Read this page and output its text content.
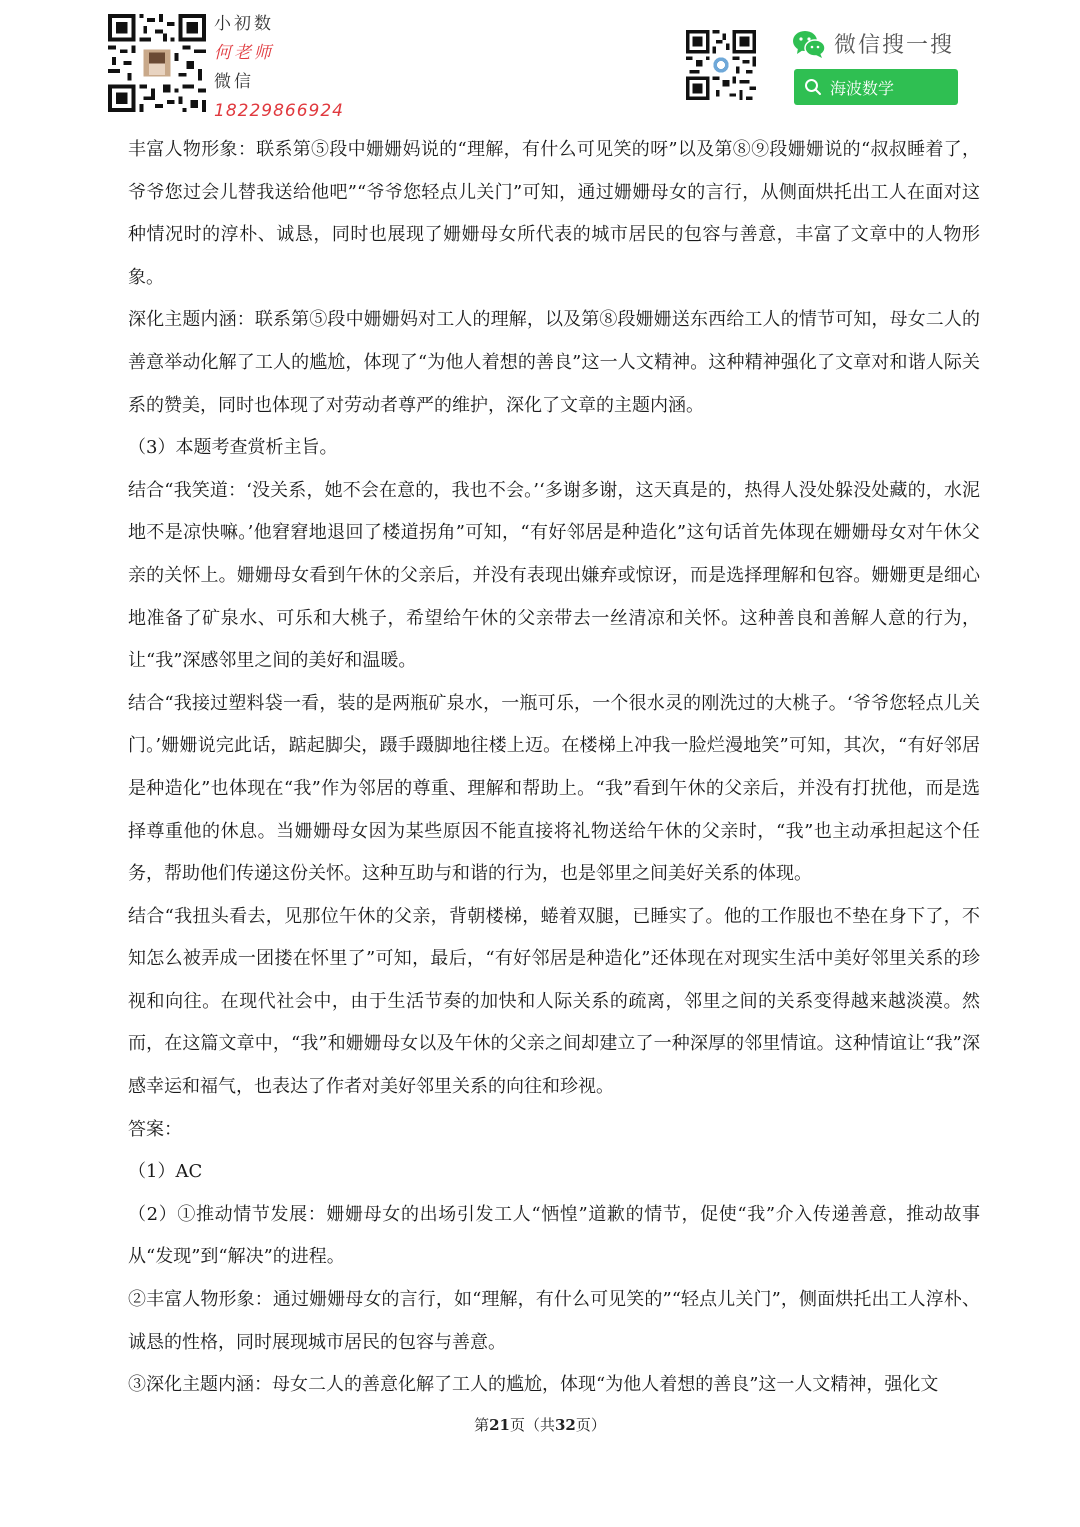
小初数
何老师
微信
18229866924
微信搜一搜
海波数学

丰富人物形象：联系第⑤段中姗姗妈说的“理解，有什么可见笑的呀”以及第⑧⑨段姗姗说的“叔叔睡着了，爷爷您过会儿替我送给他吧”“爷爷您轻点儿关门”可知，通过姗姗母女的言行，从侧面烘托出工人在面对这种情况时的淳朴、诚恳，同时也展现了姗姗母女所代表的城市居民的包容与善意，丰富了文章中的人物形象。

深化主题内涵：联系第⑤段中姗姗妈对工人的理解，以及第⑧段姗姗送东西给工人的情节可知，母女二人的善意举动化解了工人的尴尬，体现了“为他人着想的善良”这一人文精神。这种精神强化了文章对和谐人际关系的赞美，同时也体现了对劳动者尊严的维护，深化了文章的主题内涵。

（3）本题考查赏析主旨。

结合“我笑道：‘没关系，她不会在意的，我也不会。’‘多谢多谢，这天真是的，热得人没处躲没处藏的，水泥地不是凉快嘛。’他窘窘地退回了楼道拐角”可知，“有好邻居是种造化”这句话首先体现在姗姗母女对午休父亲的关怀上。姗姗母女看到午休的父亲后，并没有表现出嫌弃或惊讶，而是选择理解和包容。姗姗更是细心地准备了矿泉水、可乐和大桃子，希望给午休的父亲带去一丝清凉和关怀。这种善良和善解人意的行为，让“我”深感邻里之间的美好和温暖。

结合“我接过塑料袋一看，装的是两瓶矿泉水，一瓶可乐，一个很水灵的刚洗过的大桃子。‘爷爷您轻点儿关门。’姗姗说完此话，踮起脚尖，蹑手蹑脚地往楼上迈。在楼梯上冲我一脸烂漫地笑”可知，其次，“有好邻居是种造化”也体现在“我”作为邻居的尊重、理解和帮助上。“我”看到午休的父亲后，并没有打扰他，而是选择尊重他的休息。当姗姗母女因为某些原因不能直接将礼物送给午休的父亲时，“我”也主动承担起这个任务，帮助他们传递这份关怀。这种互助与和谐的行为，也是邻里之间美好关系的体现。

结合“我扭头看去，见那位午休的父亲，背朝楼梯，蜷着双腿，已睡实了。他的工作服也不垫在身下了，不知怎么被弄成一团搂在怀里了”可知，最后，“有好邻居是种造化”还体现在对现实生活中美好邻里关系的珍视和向往。在现代社会中，由于生活节奏的加快和人际关系的疏离，邻里之间的关系变得越来越淡漠。然而，在这篇文章中，“我”和姗姗母女以及午休的父亲之间却建立了一种深厚的邻里情谊。这种情谊让“我”深感幸运和福气，也表达了作者对美好邻里关系的向往和珍视。

答案：

（1）AC

（2）①推动情节发展：姗姗母女的出场引发工人“恓惶”道歉的情节，促使“我”介入传递善意，推动故事从“发现”到“解决”的进程。

②丰富人物形象：通过姗姗母女的言行，如“理解，有什么可见笑的”“轻点儿关门”，侧面烘托出工人淳朴、诚恳的性格，同时展现城市居民的包容与善意。

③深化主题内涵：母女二人的善意化解了工人的尴尬，体现“为他人着想的善良”这一人文精神，强化文

第21页（共32页）
